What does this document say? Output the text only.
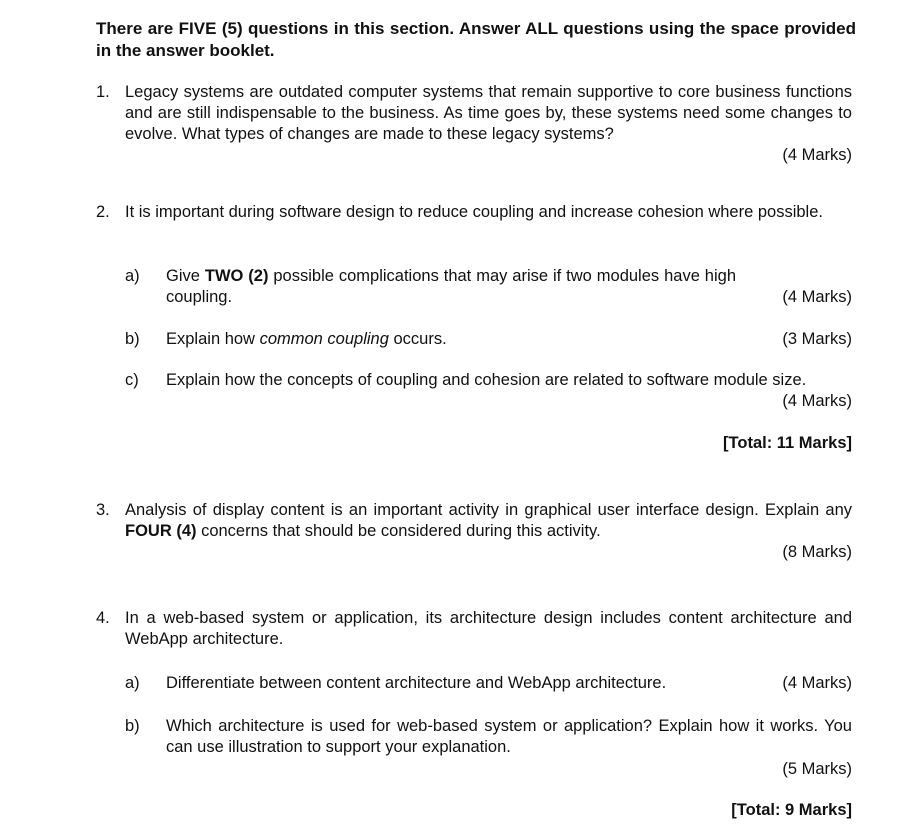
There are FIVE (5) questions in this section. Answer ALL questions using the space provided in the answer booklet.
1. Legacy systems are outdated computer systems that remain supportive to core business functions and are still indispensable to the business. As time goes by, these systems need some changes to evolve. What types of changes are made to these legacy systems?
(4 Marks)
2. It is important during software design to reduce coupling and increase cohesion where possible.
a)	Give TWO (2) possible complications that may arise if two modules have high coupling.	(4 Marks)
b)	Explain how common coupling occurs.	(3 Marks)
c)	Explain how the concepts of coupling and cohesion are related to software module size.
(4 Marks)
[Total: 11 Marks]
3. Analysis of display content is an important activity in graphical user interface design. Explain any FOUR (4) concerns that should be considered during this activity.
(8 Marks)
4. In a web-based system or application, its architecture design includes content architecture and WebApp architecture.
a)	Differentiate between content architecture and WebApp architecture.	(4 Marks)
b)	Which architecture is used for web-based system or application? Explain how it works. You can use illustration to support your explanation.
(5 Marks)
[Total: 9 Marks]
